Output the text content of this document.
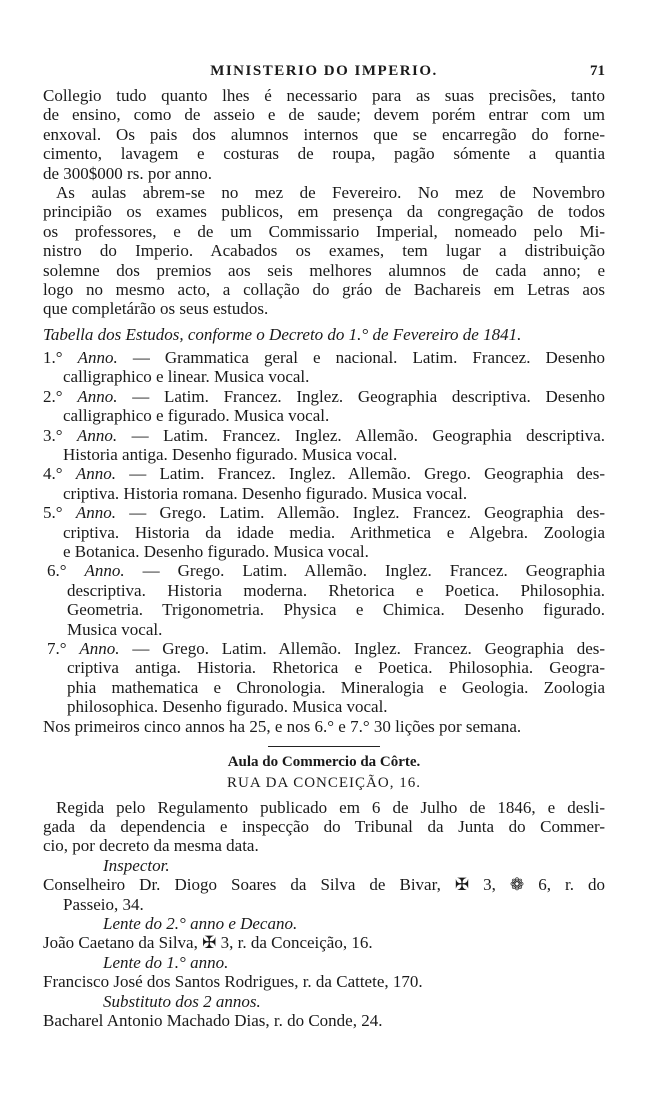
MINISTERIO DO IMPERIO.	71
Collegio tudo quanto lhes é necessario para as suas precisões, tanto
de ensino, como de asseio e de saude; devem porém entrar com um
enxoval. Os pais dos alumnos internos que se encarregão do forne-
cimento, lavagem e costuras de roupa, pagão sómente a quantia
de 300$000 rs. por anno.
As aulas abrem-se no mez de Fevereiro. No mez de Novembro
principião os exames publicos, em presença da congregação de todos
os professores, e de um Commissario Imperial, nomeado pelo Mi-
nistro do Imperio. Acabados os exames, tem lugar a distribuição
solemne dos premios aos seis melhores alumnos de cada anno; e
logo no mesmo acto, a collação do gráo de Bachareis em Letras aos
que completárão os seus estudos.
Tabella dos Estudos, conforme o Decreto do 1.° de Fevereiro de 1841.
1.° Anno. — Grammatica geral e nacional. Latim. Francez. Desenho
calligraphico e linear. Musica vocal.
2.° Anno. — Latim. Francez. Inglez. Geographia descriptiva. Desenho
calligraphico e figurado. Musica vocal.
3.° Anno. — Latim. Francez. Inglez. Allemão. Geographia descriptiva.
Historia antiga. Desenho figurado. Musica vocal.
4.° Anno. — Latim. Francez. Inglez. Allemão. Grego. Geographia des-
criptiva. Historia romana. Desenho figurado. Musica vocal.
5.° Anno. — Grego. Latim. Allemão. Inglez. Francez. Geographia des-
criptiva. Historia da idade media. Arithmetica e Algebra. Zoologia
e Botanica. Desenho figurado. Musica vocal.
6.° Anno. — Grego. Latim. Allemão. Inglez. Francez. Geographia
descriptiva. Historia moderna. Rhetorica e Poetica. Philosophia.
Geometria. Trigonometria. Physica e Chimica. Desenho figurado.
Musica vocal.
7.° Anno. — Grego. Latim. Allemão. Inglez. Francez. Geographia des-
criptiva antiga. Historia. Rhetorica e Poetica. Philosophia. Geogra-
phia mathematica e Chronologia. Mineralogia e Geologia. Zoologia
philosophica. Desenho figurado. Musica vocal.
Nos primeiros cinco annos ha 25, e nos 6.° e 7.° 30 lições por semana.
Aula do Commercio da Côrte.
RUA DA CONCEIÇÃO, 16.
Regida pelo Regulamento publicado em 6 de Julho de 1846, e desli-
gada da dependencia e inspecção do Tribunal da Junta do Commer-
cio, por decreto da mesma data.
Inspector.
Conselheiro Dr. Diogo Soares da Silva de Bivar, ✠ 3, ❁ 6, r. do
Passeio, 34.
Lente do 2.° anno e Decano.
João Caetano da Silva, ✠ 3, r. da Conceição, 16.
Lente do 1.° anno.
Francisco José dos Santos Rodrigues, r. da Cattete, 170.
Substituto dos 2 annos.
Bacharel Antonio Machado Dias, r. do Conde, 24.
